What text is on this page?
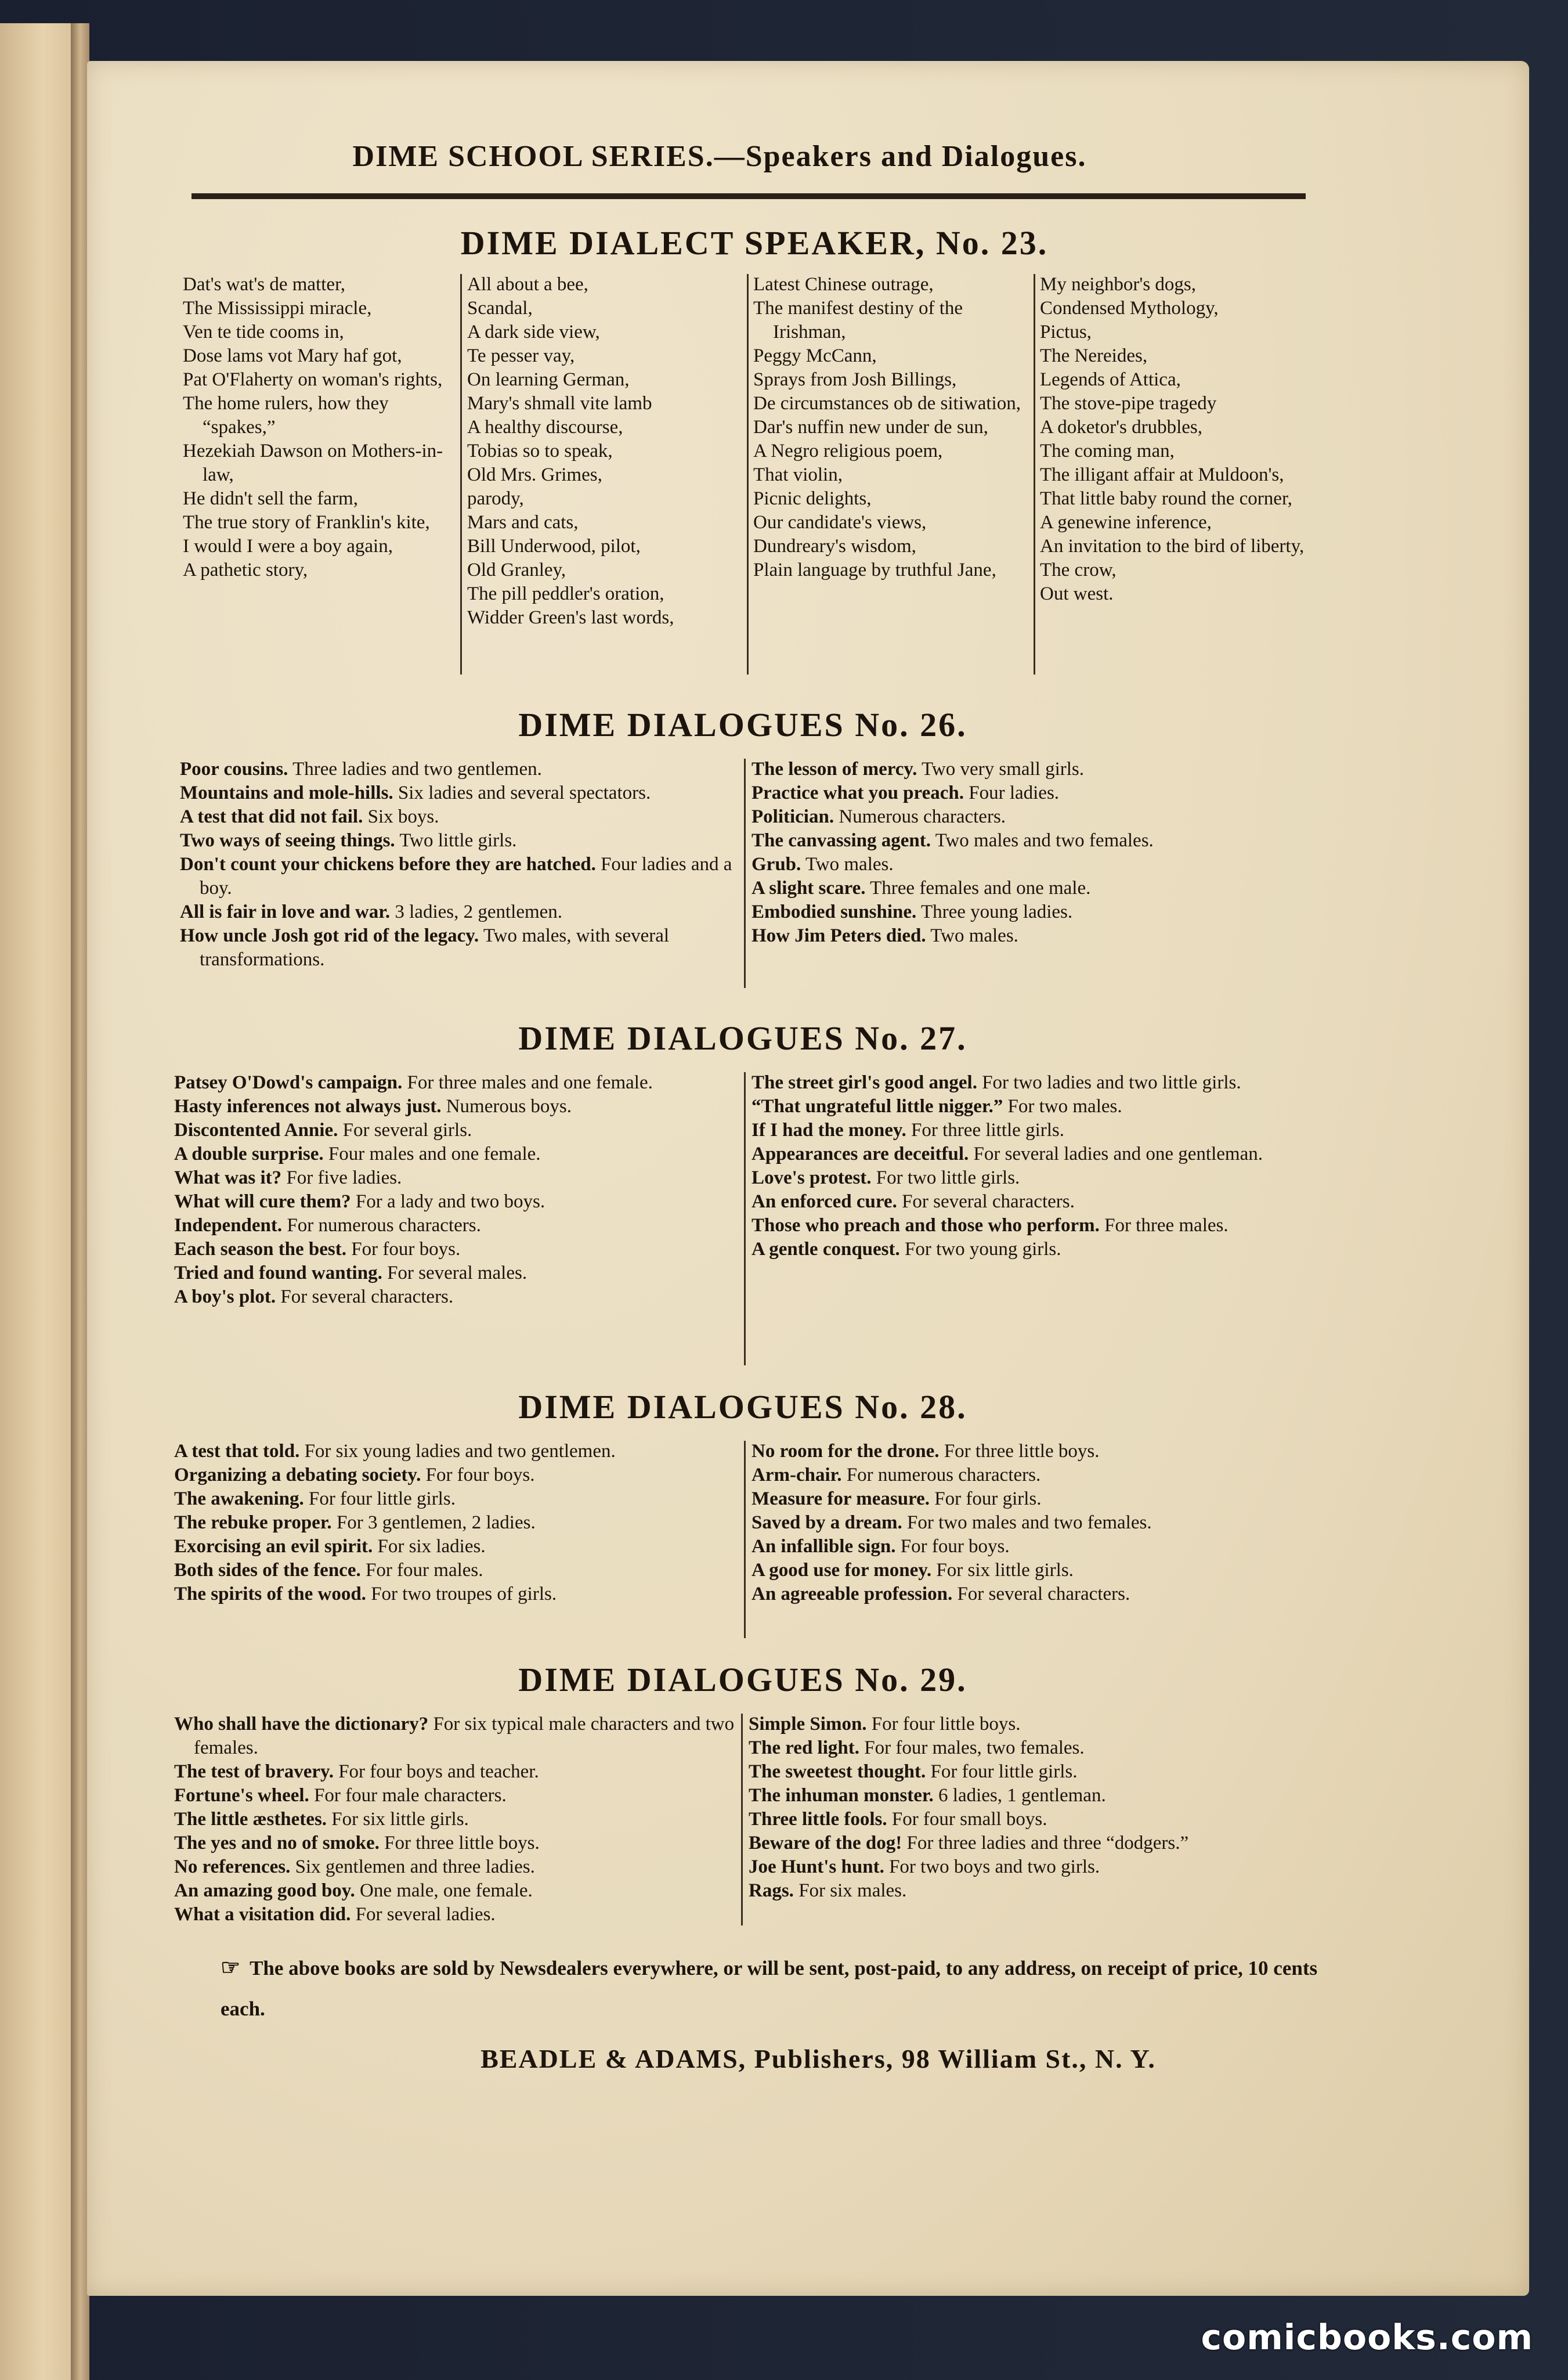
DIME SCHOOL SERIES.—Speakers and Dialogues.
DIME DIALECT SPEAKER, No. 23.
Dat's wat's de matter,
The Mississippi miracle,
Ven te tide cooms in,
Dose lams vot Mary haf got,
Pat O'Flaherty on woman's rights,
The home rulers, how they “spakes,”
Hezekiah Dawson on Mothers-in-law,
He didn't sell the farm,
The true story of Franklin's kite,
I would I were a boy again,
A pathetic story,
All about a bee,
Scandal,
A dark side view,
Te pesser vay,
On learning German,
Mary's shmall vite lamb
A healthy discourse,
Tobias so to speak,
Old Mrs. Grimes,
parody,
Mars and cats,
Bill Underwood, pilot,
Old Granley,
The pill peddler's oration,
Widder Green's last words,
Latest Chinese outrage,
The manifest destiny of the Irishman,
Peggy McCann,
Sprays from Josh Billings,
De circumstances ob de sitiwation,
Dar's nuffin new under de sun,
A Negro religious poem,
That violin,
Picnic delights,
Our candidate's views,
Dundreary's wisdom,
Plain language by truthful Jane,
My neighbor's dogs,
Condensed Mythology,
Pictus,
The Nereides,
Legends of Attica,
The stove-pipe tragedy
A doketor's drubbles,
The coming man,
The illigant affair at Muldoon's,
That little baby round the corner,
A genewine inference,
An invitation to the bird of liberty,
The crow,
Out west.
DIME DIALOGUES No. 26.
Poor cousins. Three ladies and two gentlemen.
Mountains and mole-hills. Six ladies and several spectators.
A test that did not fail. Six boys.
Two ways of seeing things. Two little girls.
Don't count your chickens before they are hatched. Four ladies and a boy.
All is fair in love and war. 3 ladies, 2 gentlemen.
How uncle Josh got rid of the legacy. Two males, with several transformations.
The lesson of mercy. Two very small girls.
Practice what you preach. Four ladies.
Politician. Numerous characters.
The canvassing agent. Two males and two females.
Grub. Two males.
A slight scare. Three females and one male.
Embodied sunshine. Three young ladies.
How Jim Peters died. Two males.
DIME DIALOGUES No. 27.
Patsey O'Dowd's campaign. For three males and one female.
Hasty inferences not always just. Numerous boys.
Discontented Annie. For several girls.
A double surprise. Four males and one female.
What was it? For five ladies.
What will cure them? For a lady and two boys.
Independent. For numerous characters.
Each season the best. For four boys.
Tried and found wanting. For several males.
A boy's plot. For several characters.
The street girl's good angel. For two ladies and two little girls.
“That ungrateful little nigger.” For two males.
If I had the money. For three little girls.
Appearances are deceitful. For several ladies and one gentleman.
Love's protest. For two little girls.
An enforced cure. For several characters.
Those who preach and those who perform. For three males.
A gentle conquest. For two young girls.
DIME DIALOGUES No. 28.
A test that told. For six young ladies and two gentlemen.
Organizing a debating society. For four boys.
The awakening. For four little girls.
The rebuke proper. For 3 gentlemen, 2 ladies.
Exorcising an evil spirit. For six ladies.
Both sides of the fence. For four males.
The spirits of the wood. For two troupes of girls.
No room for the drone. For three little boys.
Arm-chair. For numerous characters.
Measure for measure. For four girls.
Saved by a dream. For two males and two females.
An infallible sign. For four boys.
A good use for money. For six little girls.
An agreeable profession. For several characters.
DIME DIALOGUES No. 29.
Who shall have the dictionary? For six typical male characters and two females.
The test of bravery. For four boys and teacher.
Fortune's wheel. For four male characters.
The little æsthetes. For six little girls.
The yes and no of smoke. For three little boys.
No references. Six gentlemen and three ladies.
An amazing good boy. One male, one female.
What a visitation did. For several ladies.
Simple Simon. For four little boys.
The red light. For four males, two females.
The sweetest thought. For four little girls.
The inhuman monster. 6 ladies, 1 gentleman.
Three little fools. For four small boys.
Beware of the dog! For three ladies and three “dodgers.”
Joe Hunt's hunt. For two boys and two girls.
Rags. For six males.
☞ The above books are sold by Newsdealers everywhere, or will be sent, post-paid, to any address, on receipt of price, 10 cents each.
BEADLE & ADAMS, Publishers, 98 William St., N. Y.
comicbooks.com
